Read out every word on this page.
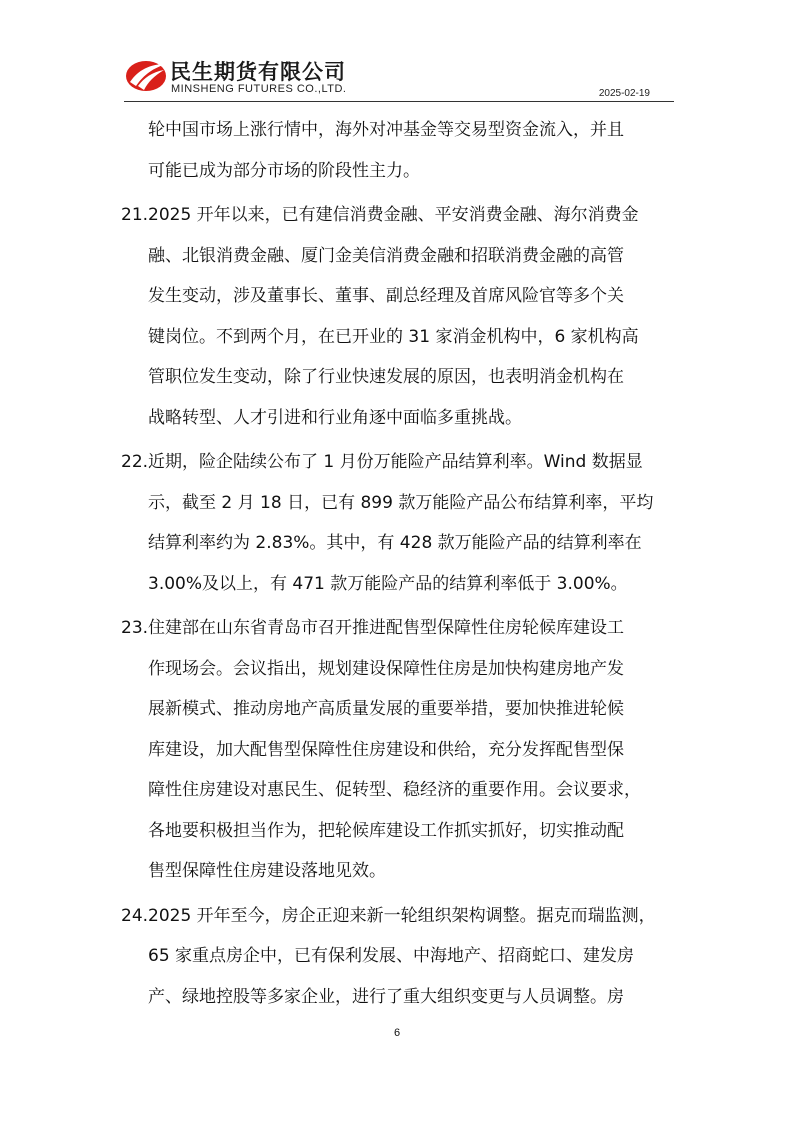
民生期货有限公司
MINSHENG FUTURES CO.,LTD.	2025-02-19
轮中国市场上涨行情中，海外对冲基金等交易型资金流入，并且
可能已成为部分市场的阶段性主力。
21.2025 开年以来，已有建信消费金融、平安消费金融、海尔消费金
融、北银消费金融、厦门金美信消费金融和招联消费金融的高管
发生变动，涉及董事长、董事、副总经理及首席风险官等多个关
键岗位。不到两个月，在已开业的 31 家消金机构中，6 家机构高
管职位发生变动，除了行业快速发展的原因，也表明消金机构在
战略转型、人才引进和行业角逐中面临多重挑战。
22.近期，险企陆续公布了 1 月份万能险产品结算利率。Wind 数据显
示，截至 2 月 18 日，已有 899 款万能险产品公布结算利率，平均
结算利率约为 2.83%。其中，有 428 款万能险产品的结算利率在
3.00%及以上，有 471 款万能险产品的结算利率低于 3.00%。
23.住建部在山东省青岛市召开推进配售型保障性住房轮候库建设工
作现场会。会议指出，规划建设保障性住房是加快构建房地产发
展新模式、推动房地产高质量发展的重要举措，要加快推进轮候
库建设，加大配售型保障性住房建设和供给，充分发挥配售型保
障性住房建设对惠民生、促转型、稳经济的重要作用。会议要求，
各地要积极担当作为，把轮候库建设工作抓实抓好，切实推动配
售型保障性住房建设落地见效。
24.2025 开年至今，房企正迎来新一轮组织架构调整。据克而瑞监测，
65 家重点房企中，已有保利发展、中海地产、招商蛇口、建发房
产、绿地控股等多家企业，进行了重大组织变更与人员调整。房
6
